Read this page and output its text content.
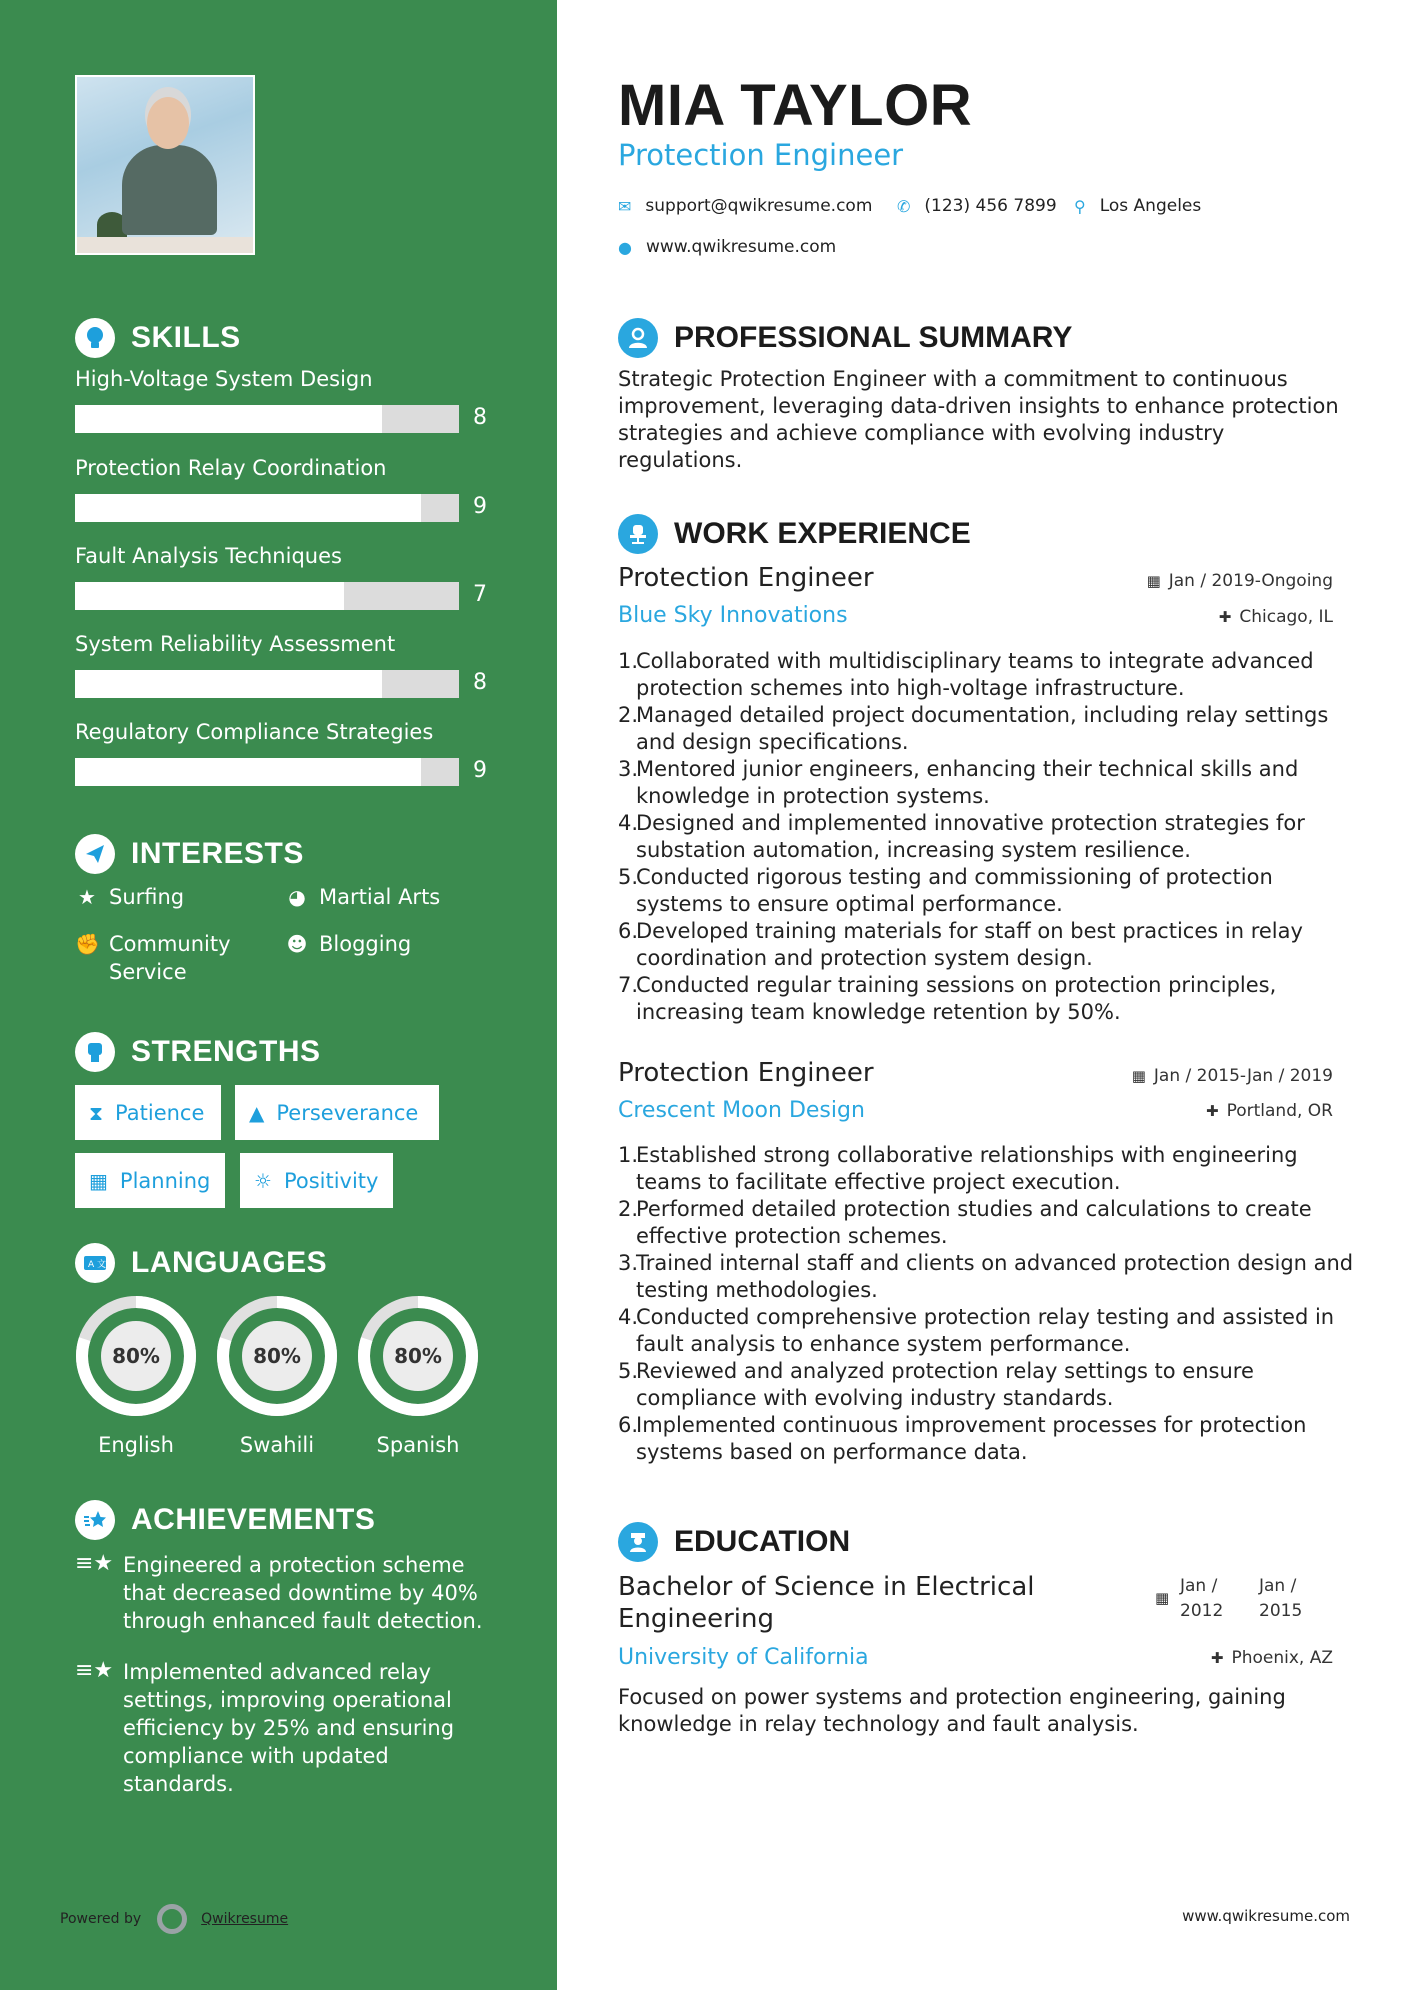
SKILLS
High-Voltage System Design
8
Protection Relay Coordination
9
Fault Analysis Techniques
7
System Reliability Assessment
8
Regulatory Compliance Strategies
9
INTERESTS
★ Surfing	◕ Martial Arts
✊ Community Service
☻ Blogging
STRENGTHS
⧗ Patience ▲ Perseverance
▦ Planning ☼ Positivity
A 文 LANGUAGES
80%
English
80%
Swahili
80%
Spanish
ACHIEVEMENTS
≡★ Engineered a protection scheme that decreased downtime by 40% through enhanced fault detection.
≡★ Implemented advanced relay settings, improving operational efficiency by 25% and ensuring compliance with updated standards.
Powered by	Qwikresume
MIA TAYLOR
Protection Engineer
✉ support@qwikresume.com ✆ (123) 456 7899 ⚲ Los Angeles
● www.qwikresume.com
PROFESSIONAL SUMMARY
Strategic Protection Engineer with a commitment to continuous improvement, leveraging data-driven insights to enhance protection strategies and achieve compliance with evolving industry regulations.
WORK EXPERIENCE
Protection Engineer	▦ Jan / 2019-Ongoing
Blue Sky Innovations	✚ Chicago, IL
1.
Collaborated with multidisciplinary teams to integrate advanced protection schemes into high-voltage infrastructure.
2.
Managed detailed project documentation, including relay settings and design specifications.
3.
Mentored junior engineers, enhancing their technical skills and knowledge in protection systems.
4.
Designed and implemented innovative protection strategies for substation automation, increasing system resilience.
5.
Conducted rigorous testing and commissioning of protection systems to ensure optimal performance.
6.
Developed training materials for staff on best practices in relay coordination and protection system design.
7.
Conducted regular training sessions on protection principles, increasing team knowledge retention by 50%.
Protection Engineer	▦ Jan / 2015-Jan / 2019
Crescent Moon Design	✚ Portland, OR
1.
Established strong collaborative relationships with engineering teams to facilitate effective project execution.
2.
Performed detailed protection studies and calculations to create effective protection schemes.
3.
Trained internal staff and clients on advanced protection design and testing methodologies.
4.
Conducted comprehensive protection relay testing and assisted in fault analysis to enhance system performance.
5.
Reviewed and analyzed protection relay settings to ensure compliance with evolving industry standards.
6.
Implemented continuous improvement processes for protection systems based on performance data.
EDUCATION
Bachelor of Science in Electrical Engineering
▦
Jan / 2012
Jan / 2015
University of California	✚ Phoenix, AZ
Focused on power systems and protection engineering, gaining knowledge in relay technology and fault analysis.
www.qwikresume.com
